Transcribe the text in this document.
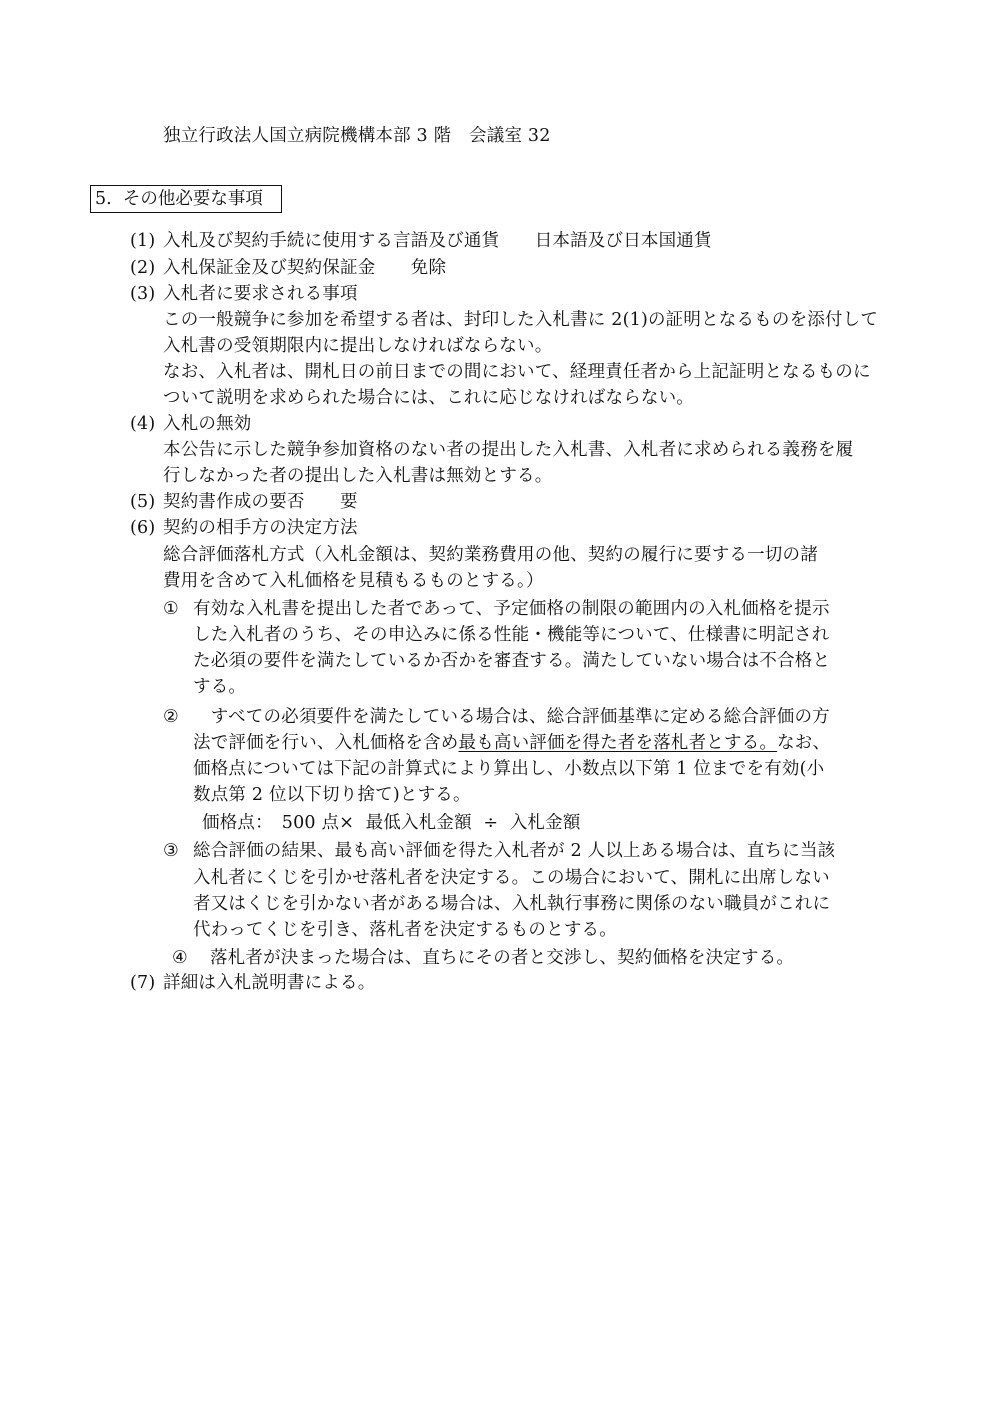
独立行政法人国立病院機構本部 3 階　会議室 32
5.  その他必要な事項
(1) 入札及び契約手続に使用する言語及び通貨　　日本語及び日本国通貨
(2) 入札保証金及び契約保証金　　免除
(3) 入札者に要求される事項
この一般競争に参加を希望する者は、封印した入札書に 2(1)の証明となるものを添付して
入札書の受領期限内に提出しなければならない。
なお、入札者は、開札日の前日までの間において、経理責任者から上記証明となるものに
ついて説明を求められた場合には、これに応じなければならない。
(4) 入札の無効
本公告に示した競争参加資格のない者の提出した入札書、入札者に求められる義務を履
行しなかった者の提出した入札書は無効とする。
(5) 契約書作成の要否　　要
(6) 契約の相手方の決定方法
総合評価落札方式（入札金額は、契約業務費用の他、契約の履行に要する一切の諸
費用を含めて入札価格を見積もるものとする。）
① 有効な入札書を提出した者であって、予定価格の制限の範囲内の入札価格を提示
した入札者のうち、その申込みに係る性能・機能等について、仕様書に明記され
た必須の要件を満たしているか否かを審査する。満たしていない場合は不合格と
する。
② 　すべての必須要件を満たしている場合は、総合評価基準に定める総合評価の方
法で評価を行い、入札価格を含め最も高い評価を得た者を落札者とする。なお、
価格点については下記の計算式により算出し、小数点以下第 1 位までを有効(小
数点第 2 位以下切り捨て)とする。
価格点：　500 点×  最低入札金額  ÷  入札金額
③ 総合評価の結果、最も高い評価を得た入札者が 2 人以上ある場合は、直ちに当該
入札者にくじを引かせ落札者を決定する。この場合において、開札に出席しない
者又はくじを引かない者がある場合は、入札執行事務に関係のない職員がこれに
代わってくじを引き、落札者を決定するものとする。
④ 落札者が決まった場合は、直ちにその者と交渉し、契約価格を決定する。
(7) 詳細は入札説明書による。
